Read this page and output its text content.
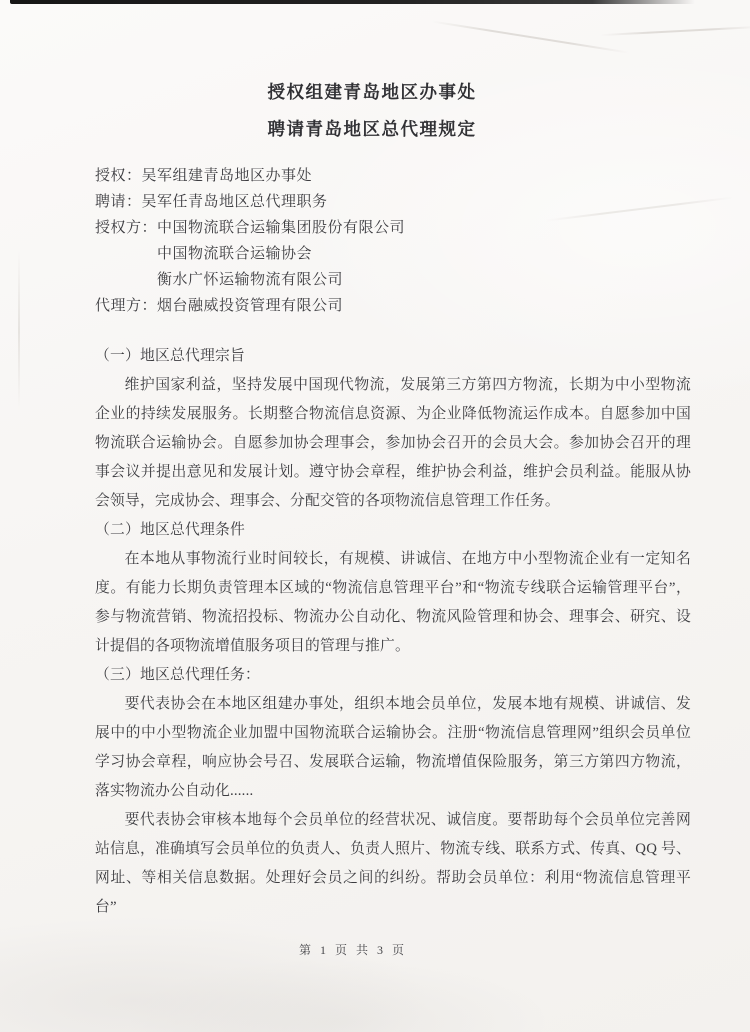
授权组建青岛地区办事处
聘请青岛地区总代理规定

授权：吴军组建青岛地区办事处

聘请：吴军任青岛地区总代理职务

授权方：中国物流联合运输集团股份有限公司

中国物流联合运输协会

衡水广怀运输物流有限公司

代理方：烟台融威投资管理有限公司

（一）地区总代理宗旨

维护国家利益，坚持发展中国现代物流，发展第三方第四方物流，长期为中小型物流企业的持续发展服务。长期整合物流信息资源、为企业降低物流运作成本。自愿参加中国物流联合运输协会。自愿参加协会理事会，参加协会召开的会员大会。参加协会召开的理事会议并提出意见和发展计划。遵守协会章程，维护协会利益，维护会员利益。能服从协会领导，完成协会、理事会、分配交管的各项物流信息管理工作任务。

（二）地区总代理条件

在本地从事物流行业时间较长，有规模、讲诚信、在地方中小型物流企业有一定知名度。有能力长期负责管理本区域的“物流信息管理平台”和“物流专线联合运输管理平台”，参与物流营销、物流招投标、物流办公自动化、物流风险管理和协会、理事会、研究、设计提倡的各项物流增值服务项目的管理与推广。

（三）地区总代理任务：

要代表协会在本地区组建办事处，组织本地会员单位，发展本地有规模、讲诚信、发展中的中小型物流企业加盟中国物流联合运输协会。注册“物流信息管理网”组织会员单位学习协会章程，响应协会号召、发展联合运输，物流增值保险服务，第三方第四方物流，落实物流办公自动化......

要代表协会审核本地每个会员单位的经营状况、诚信度。要帮助每个会员单位完善网站信息，准确填写会员单位的负责人、负责人照片、物流专线、联系方式、传真、QQ 号、网址、等相关信息数据。处理好会员之间的纠纷。帮助会员单位：利用“物流信息管理平台”

第 1 页 共 3 页
